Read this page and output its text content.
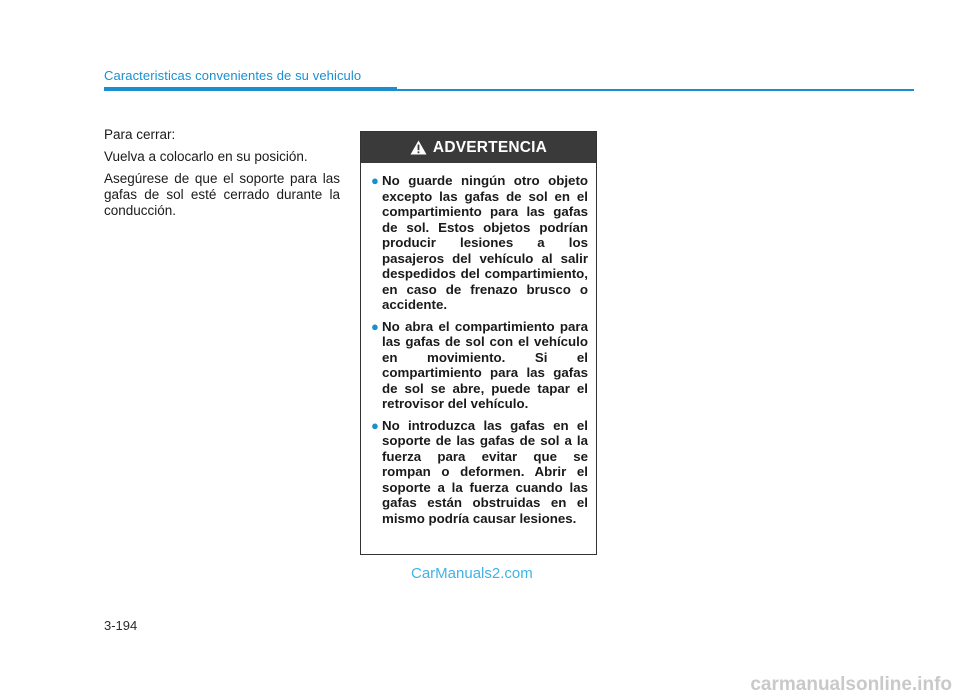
Caracteristicas convenientes de su vehiculo

Para cerrar:

Vuelva a colocarlo en su posición.

Asegúrese de que el soporte para las gafas de sol esté cerrado durante la conducción.

ADVERTENCIA
● No guarde ningún otro objeto excepto las gafas de sol en el compartimiento para las gafas de sol. Estos objetos podrían producir lesiones a los pasajeros del vehículo al salir despedidos del compartimiento, en caso de frenazo brusco o accidente.
● No abra el compartimiento para las gafas de sol con el vehículo en movimiento. Si el compartimiento para las gafas de sol se abre, puede tapar el retrovisor del vehículo.
● No introduzca las gafas en el soporte de las gafas de sol a la fuerza para evitar que se rompan o deformen. Abrir el soporte a la fuerza cuando las gafas están obstruidas en el mismo podría causar lesiones.
CarManuals2.com
3-194
carmanualsonline.info
